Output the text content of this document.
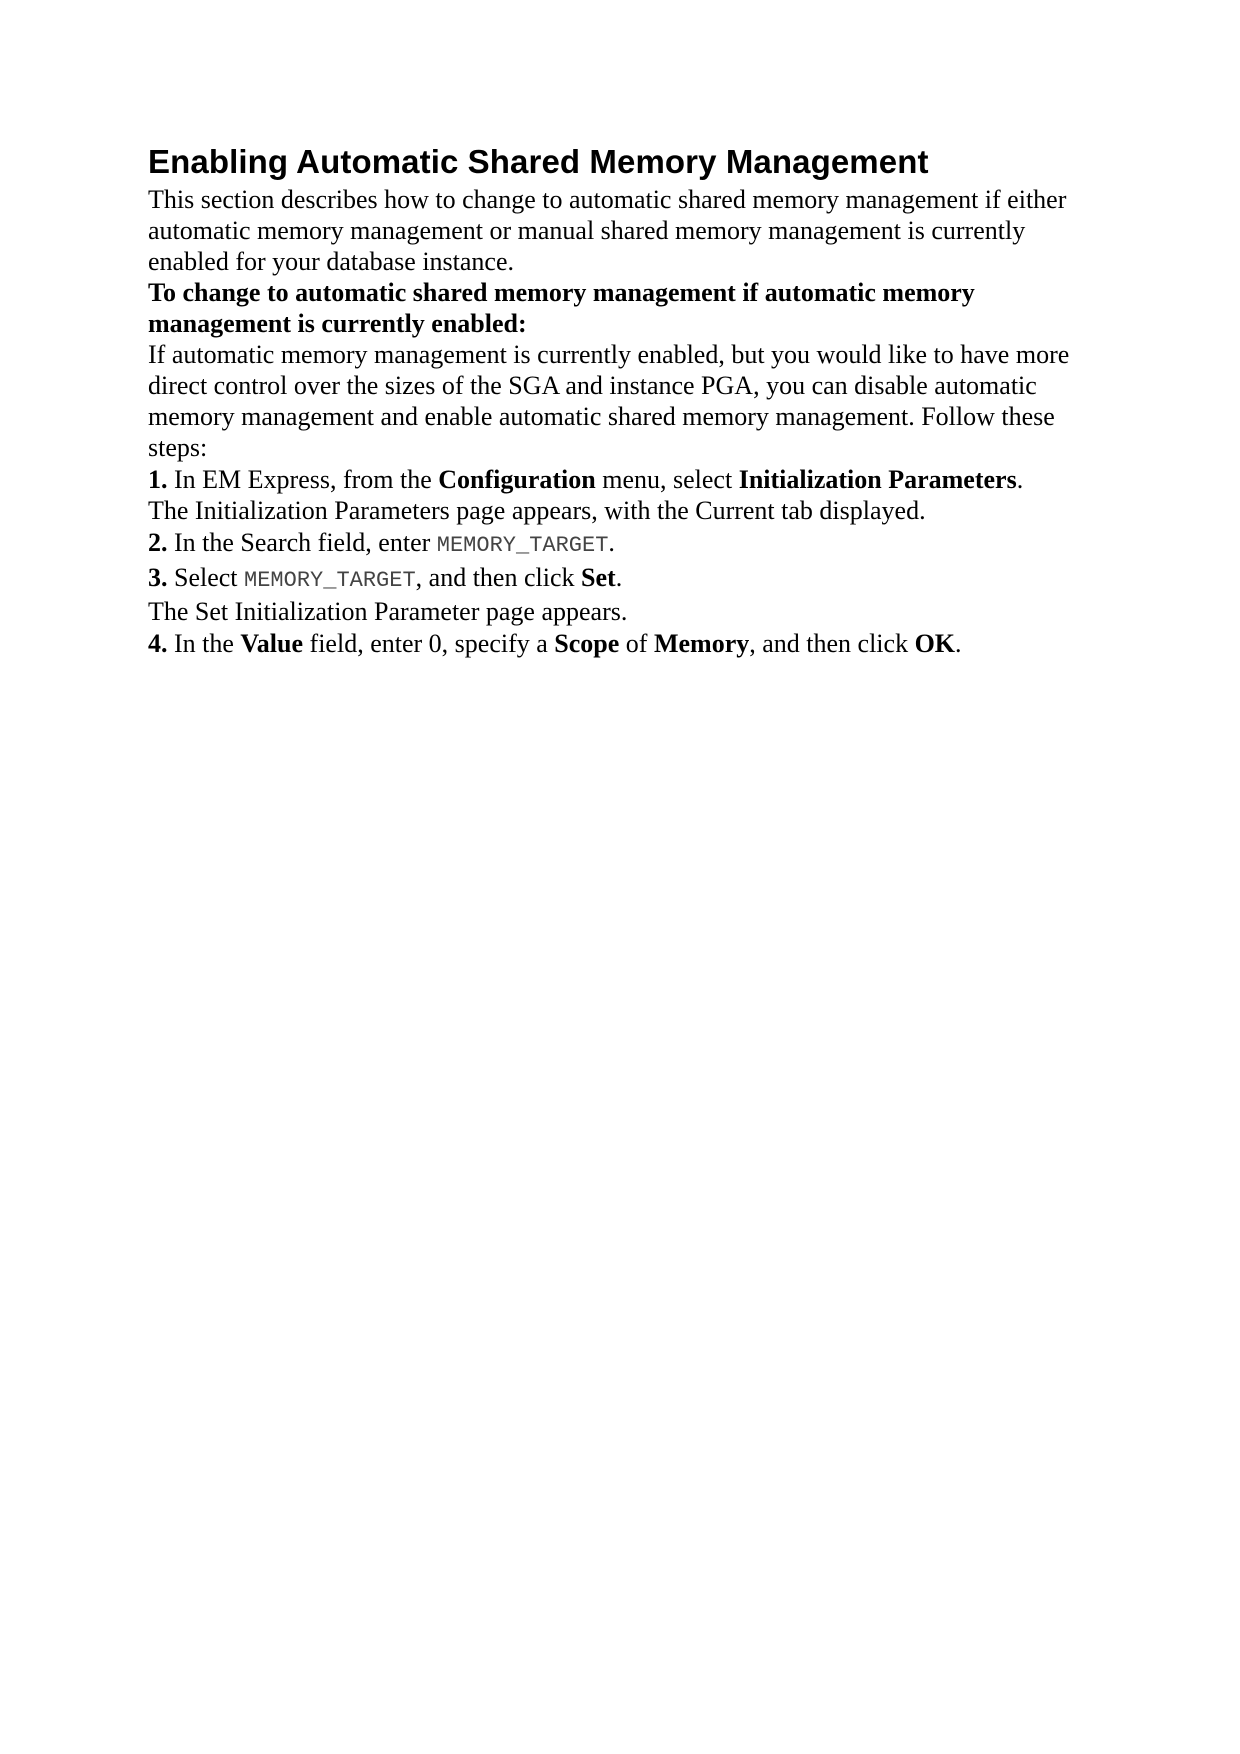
Enabling Automatic Shared Memory Management

This section describes how to change to automatic shared memory management if either automatic memory management or manual shared memory management is currently enabled for your database instance.

To change to automatic shared memory management if automatic memory management is currently enabled:

If automatic memory management is currently enabled, but you would like to have more direct control over the sizes of the SGA and instance PGA, you can disable automatic memory management and enable automatic shared memory management. Follow these steps:

1. In EM Express, from the Configuration menu, select Initialization Parameters.

The Initialization Parameters page appears, with the Current tab displayed.

2. In the Search field, enter MEMORY_TARGET.

3. Select MEMORY_TARGET, and then click Set.

The Set Initialization Parameter page appears.

4. In the Value field, enter 0, specify a Scope of Memory, and then click OK.
